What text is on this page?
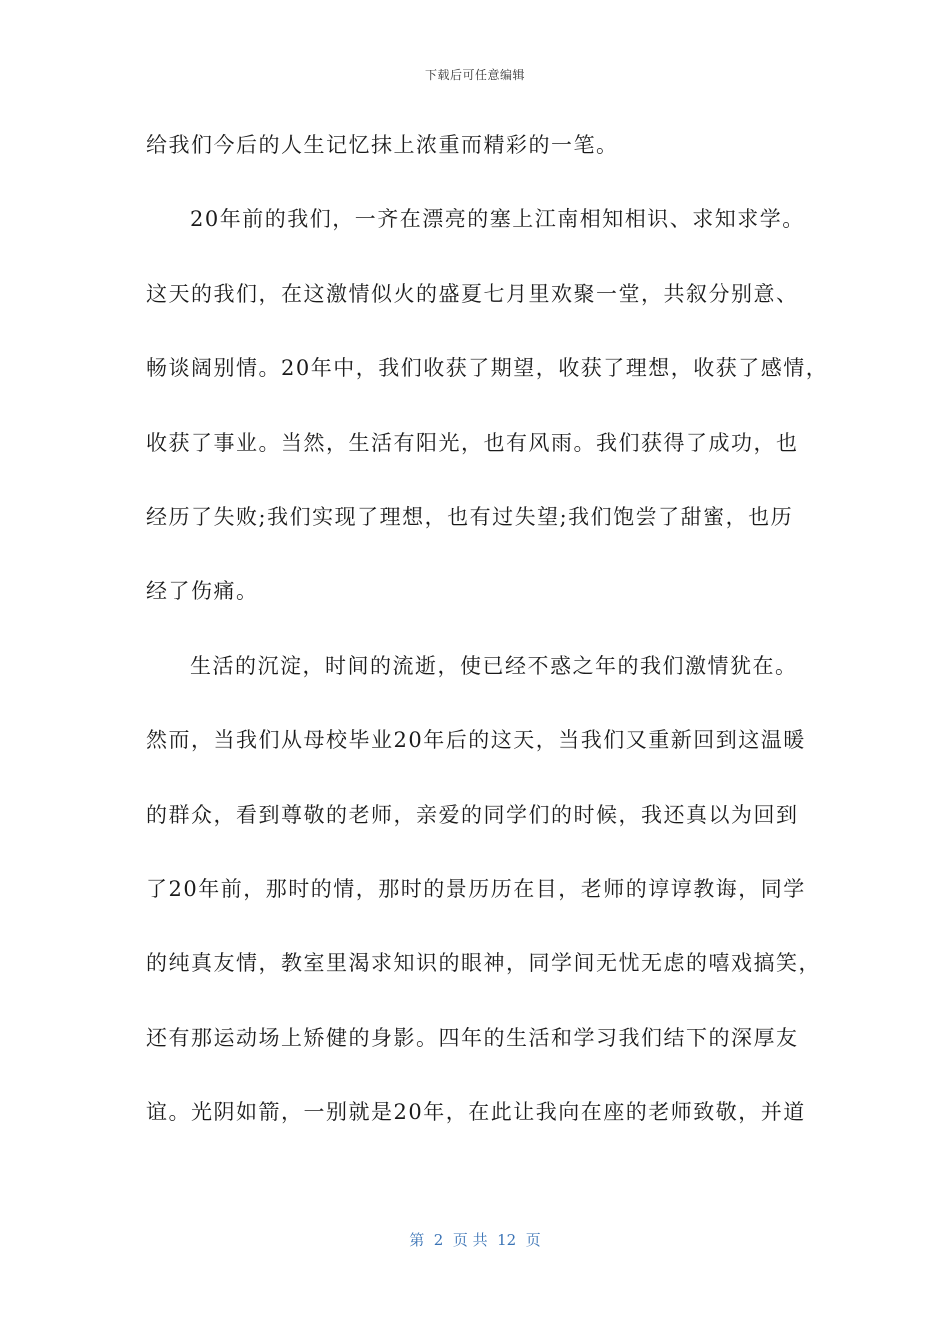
下载后可任意编辑
给我们今后的人生记忆抹上浓重而精彩的一笔。
20年前的我们，一齐在漂亮的塞上江南相知相识、求知求学。
这天的我们，在这激情似火的盛夏七月里欢聚一堂，共叙分别意、
畅谈阔别情。20年中，我们收获了期望，收获了理想，收获了感情，
收获了事业。当然，生活有阳光，也有风雨。我们获得了成功，也
经历了失败;我们实现了理想，也有过失望;我们饱尝了甜蜜，也历
经了伤痛。
生活的沉淀，时间的流逝，使已经不惑之年的我们激情犹在。
然而，当我们从母校毕业20年后的这天，当我们又重新回到这温暖
的群众，看到尊敬的老师，亲爱的同学们的时候，我还真以为回到
了20年前，那时的情，那时的景历历在目，老师的谆谆教诲，同学
的纯真友情，教室里渴求知识的眼神，同学间无忧无虑的嘻戏搞笑，
还有那运动场上矫健的身影。四年的生活和学习我们结下的深厚友
谊。光阴如箭，一别就是20年，在此让我向在座的老师致敬，并道
第  2  页 共  12  页
